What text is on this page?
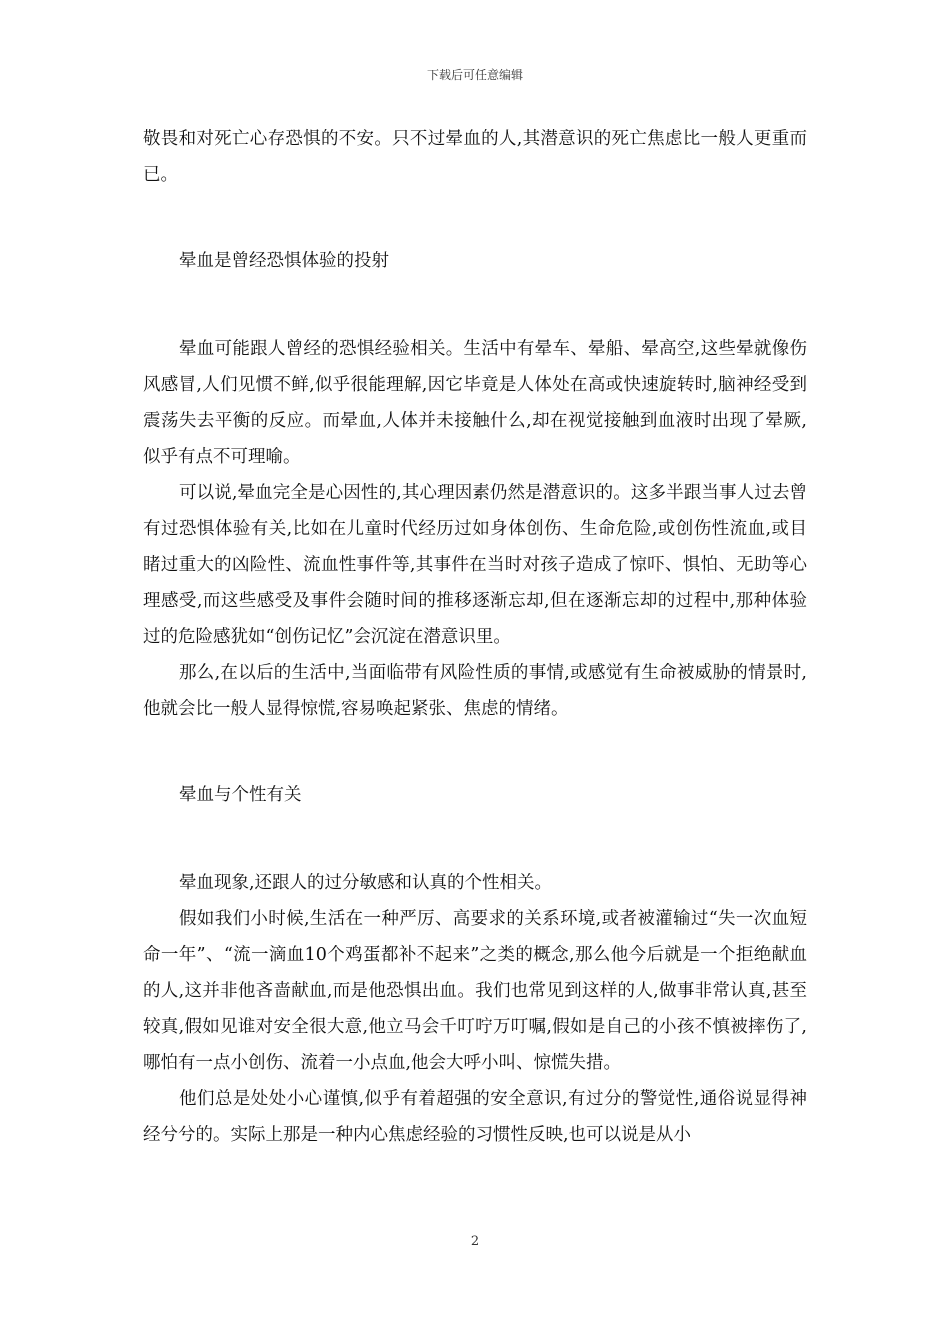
下载后可任意编辑

敬畏和对死亡心存恐惧的不安。只不过晕血的人,其潜意识的死亡焦虑比一般人更重而已。

晕血是曾经恐惧体验的投射

晕血可能跟人曾经的恐惧经验相关。生活中有晕车、晕船、晕高空,这些晕就像伤风感冒,人们见惯不鲜,似乎很能理解,因它毕竟是人体处在高或快速旋转时,脑神经受到震荡失去平衡的反应。而晕血,人体并未接触什么,却在视觉接触到血液时出现了晕厥,似乎有点不可理喻。

可以说,晕血完全是心因性的,其心理因素仍然是潜意识的。这多半跟当事人过去曾有过恐惧体验有关,比如在儿童时代经历过如身体创伤、生命危险,或创伤性流血,或目睹过重大的凶险性、流血性事件等,其事件在当时对孩子造成了惊吓、惧怕、无助等心理感受,而这些感受及事件会随时间的推移逐渐忘却,但在逐渐忘却的过程中,那种体验过的危险感犹如“创伤记忆”会沉淀在潜意识里。

那么,在以后的生活中,当面临带有风险性质的事情,或感觉有生命被威胁的情景时,他就会比一般人显得惊慌,容易唤起紧张、焦虑的情绪。

晕血与个性有关

晕血现象,还跟人的过分敏感和认真的个性相关。

假如我们小时候,生活在一种严厉、高要求的关系环境,或者被灌输过“失一次血短命一年”、“流一滴血10个鸡蛋都补不起来”之类的概念,那么他今后就是一个拒绝献血的人,这并非他吝啬献血,而是他恐惧出血。我们也常见到这样的人,做事非常认真,甚至较真,假如见谁对安全很大意,他立马会千叮咛万叮嘱,假如是自己的小孩不慎被摔伤了,哪怕有一点小创伤、流着一小点血,他会大呼小叫、惊慌失措。

他们总是处处小心谨慎,似乎有着超强的安全意识,有过分的警觉性,通俗说显得神经兮兮的。实际上那是一种内心焦虑经验的习惯性反映,也可以说是从小

2
